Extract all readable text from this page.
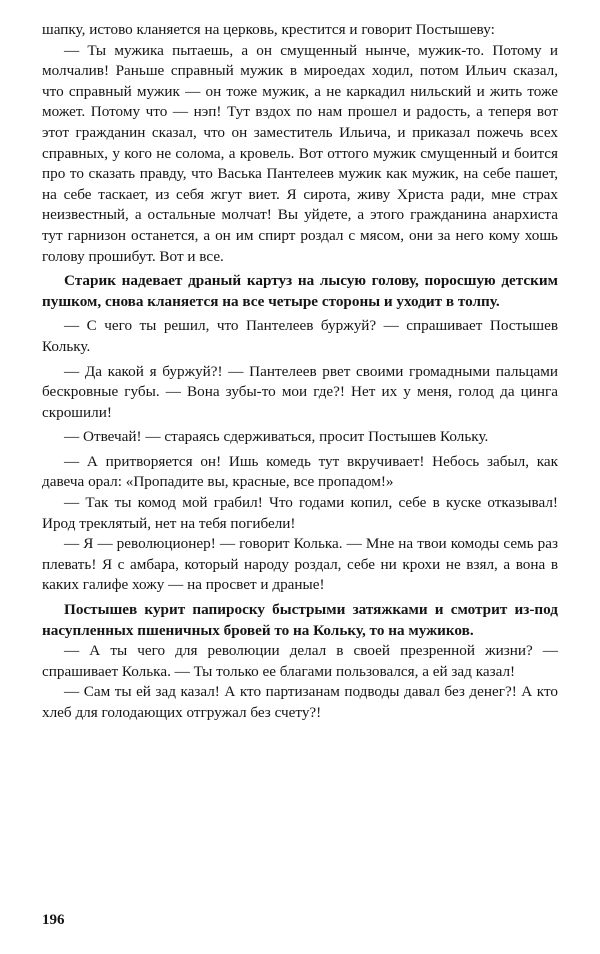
шапку, истово кланяется на церковь, крестится и говорит Постышеву:

— Ты мужика пытаешь, а он смущенный нынче, мужик-то. Потому и молчалив! Раньше справный мужик в мироедах ходил, потом Ильич сказал, что справный мужик — он тоже мужик, а не каркадил нильский и жить тоже может. Потому что — нэп! Тут вздох по нам прошел и радость, а теперя вот этот гражданин сказал, что он заместитель Ильича, и приказал пожечь всех справных, у кого не солома, а кровель. Вот оттого мужик смущенный и боится про то сказать правду, что Васька Пантелеев мужик как мужик, на себе пашет, на себе таскает, из себя жгут виет. Я сирота, живу Христа ради, мне страх неизвестный, а остальные молчат! Вы уйдете, а этого гражданина анархиста тут гарнизон останется, а он им спирт роздал с мясом, они за него кому хошь голову прошибут. Вот и все.

Старик надевает драный картуз на лысую голову, поросшую детским пушком, снова кланяется на все четыре стороны и уходит в толпу.

— С чего ты решил, что Пантелеев буржуй? — спрашивает Постышев Кольку.

— Да какой я буржуй?! — Пантелеев рвет своими громадными пальцами бескровные губы. — Вона зубы-то мои где?! Нет их у меня, голод да цинга скрошили!

— Отвечай! — стараясь сдерживаться, просит Постышев Кольку.

— А притворяется он! Ишь комедь тут вкручивает! Небось забыл, как давеча орал: «Пропадите вы, красные, все пропадом!»

— Так ты комод мой грабил! Что годами копил, себе в куске отказывал! Ирод треклятый, нет на тебя погибели!

— Я — революционер! — говорит Колька. — Мне на твои комоды семь раз плевать! Я с амбара, который народу роздал, себе ни крохи не взял, а вона в каких галифе хожу — на просвет и драные!

Постышев курит папироску быстрыми затяжками и смотрит из-под насупленных пшеничных бровей то на Кольку, то на мужиков.

— А ты чего для революции делал в своей презренной жизни? — спрашивает Колька. — Ты только ее благами пользовался, а ей зад казал!

— Сам ты ей зад казал! А кто партизанам подводы давал без денег?! А кто хлеб для голодающих отгружал без счету?!

196
